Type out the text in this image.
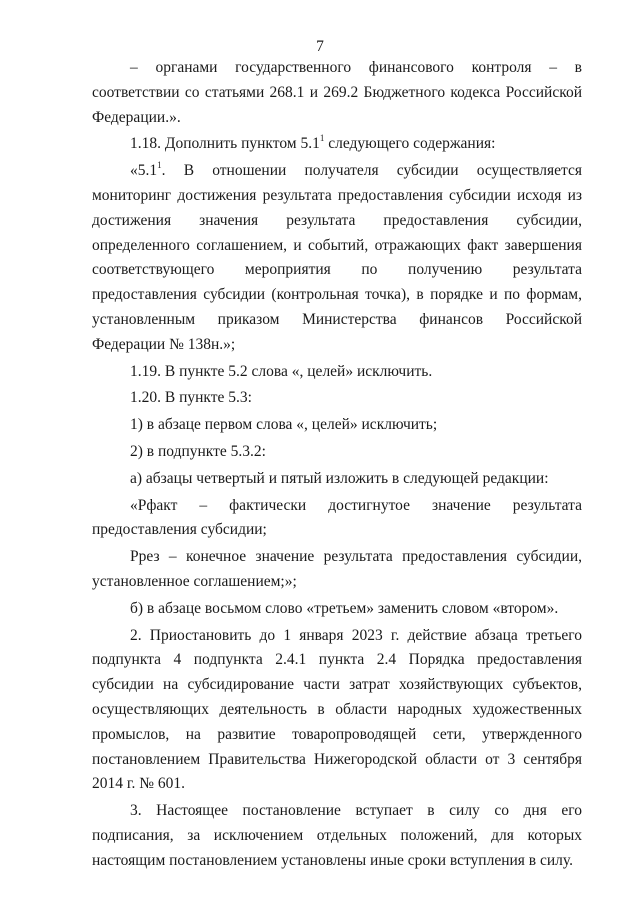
7

– органами государственного финансового контроля – в соответствии со статьями 268.1 и 269.2 Бюджетного кодекса Российской Федерации.».

1.18. Дополнить пунктом $5.1^1$ следующего содержания:

«$5.1^1$. В отношении получателя субсидии осуществляется мониторинг достижения результата предоставления субсидии исходя из достижения значения результата предоставления субсидии, определенного соглашением, и событий, отражающих факт завершения соответствующего мероприятия по получению результата предоставления субсидии (контрольная точка), в порядке и по формам, установленным приказом Министерства финансов Российской Федерации № 138н.»;

1.19. В пункте 5.2 слова «, целей» исключить.

1.20. В пункте 5.3:

1) в абзаце первом слова «, целей» исключить;

2) в подпункте 5.3.2:

а) абзацы четвертый и пятый изложить в следующей редакции:

«Рфакт – фактически достигнутое значение результата предоставления субсидии;

Ррез – конечное значение результата предоставления субсидии, установленное соглашением;»;

б) в абзаце восьмом слово «третьем» заменить словом «втором».

2. Приостановить до 1 января 2023 г. действие абзаца третьего подпункта 4 подпункта 2.4.1 пункта 2.4 Порядка предоставления субсидии на субсидирование части затрат хозяйствующих субъектов, осуществляющих деятельность в области народных художественных промыслов, на развитие товаропроводящей сети, утвержденного постановлением Правительства Нижегородской области от 3 сентября 2014 г. № 601.

3. Настоящее постановление вступает в силу со дня его подписания, за исключением отдельных положений, для которых настоящим постановлением установлены иные сроки вступления в силу.
